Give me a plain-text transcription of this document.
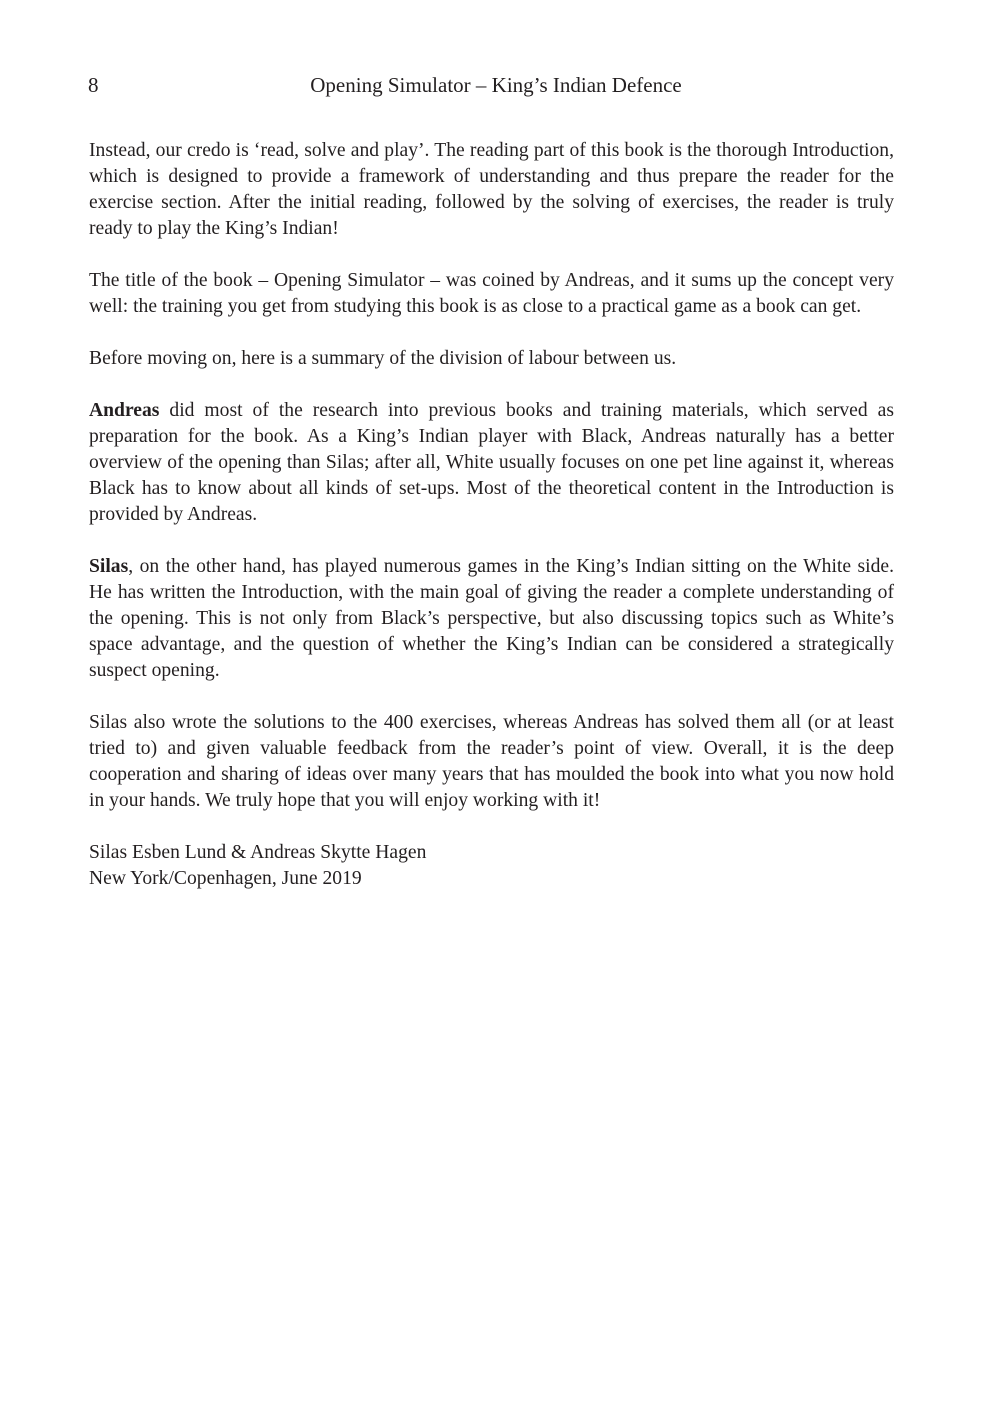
8	Opening Simulator – King’s Indian Defence

Instead, our credo is ‘read, solve and play’. The reading part of this book is the thorough Introduction, which is designed to provide a framework of understanding and thus prepare the reader for the exercise section. After the initial reading, followed by the solving of exercises, the reader is truly ready to play the King’s Indian!

The title of the book – Opening Simulator – was coined by Andreas, and it sums up the concept very well: the training you get from studying this book is as close to a practical game as a book can get.

Before moving on, here is a summary of the division of labour between us.

Andreas did most of the research into previous books and training materials, which served as preparation for the book. As a King’s Indian player with Black, Andreas naturally has a better overview of the opening than Silas; after all, White usually focuses on one pet line against it, whereas Black has to know about all kinds of set-ups. Most of the theoretical content in the Introduction is provided by Andreas.

Silas, on the other hand, has played numerous games in the King’s Indian sitting on the White side. He has written the Introduction, with the main goal of giving the reader a complete understanding of the opening. This is not only from Black’s perspective, but also discussing topics such as White’s space advantage, and the question of whether the King’s Indian can be considered a strategically suspect opening.

Silas also wrote the solutions to the 400 exercises, whereas Andreas has solved them all (or at least tried to) and given valuable feedback from the reader’s point of view. Overall, it is the deep cooperation and sharing of ideas over many years that has moulded the book into what you now hold in your hands. We truly hope that you will enjoy working with it!

Silas Esben Lund & Andreas Skytte Hagen
New York/Copenhagen, June 2019
